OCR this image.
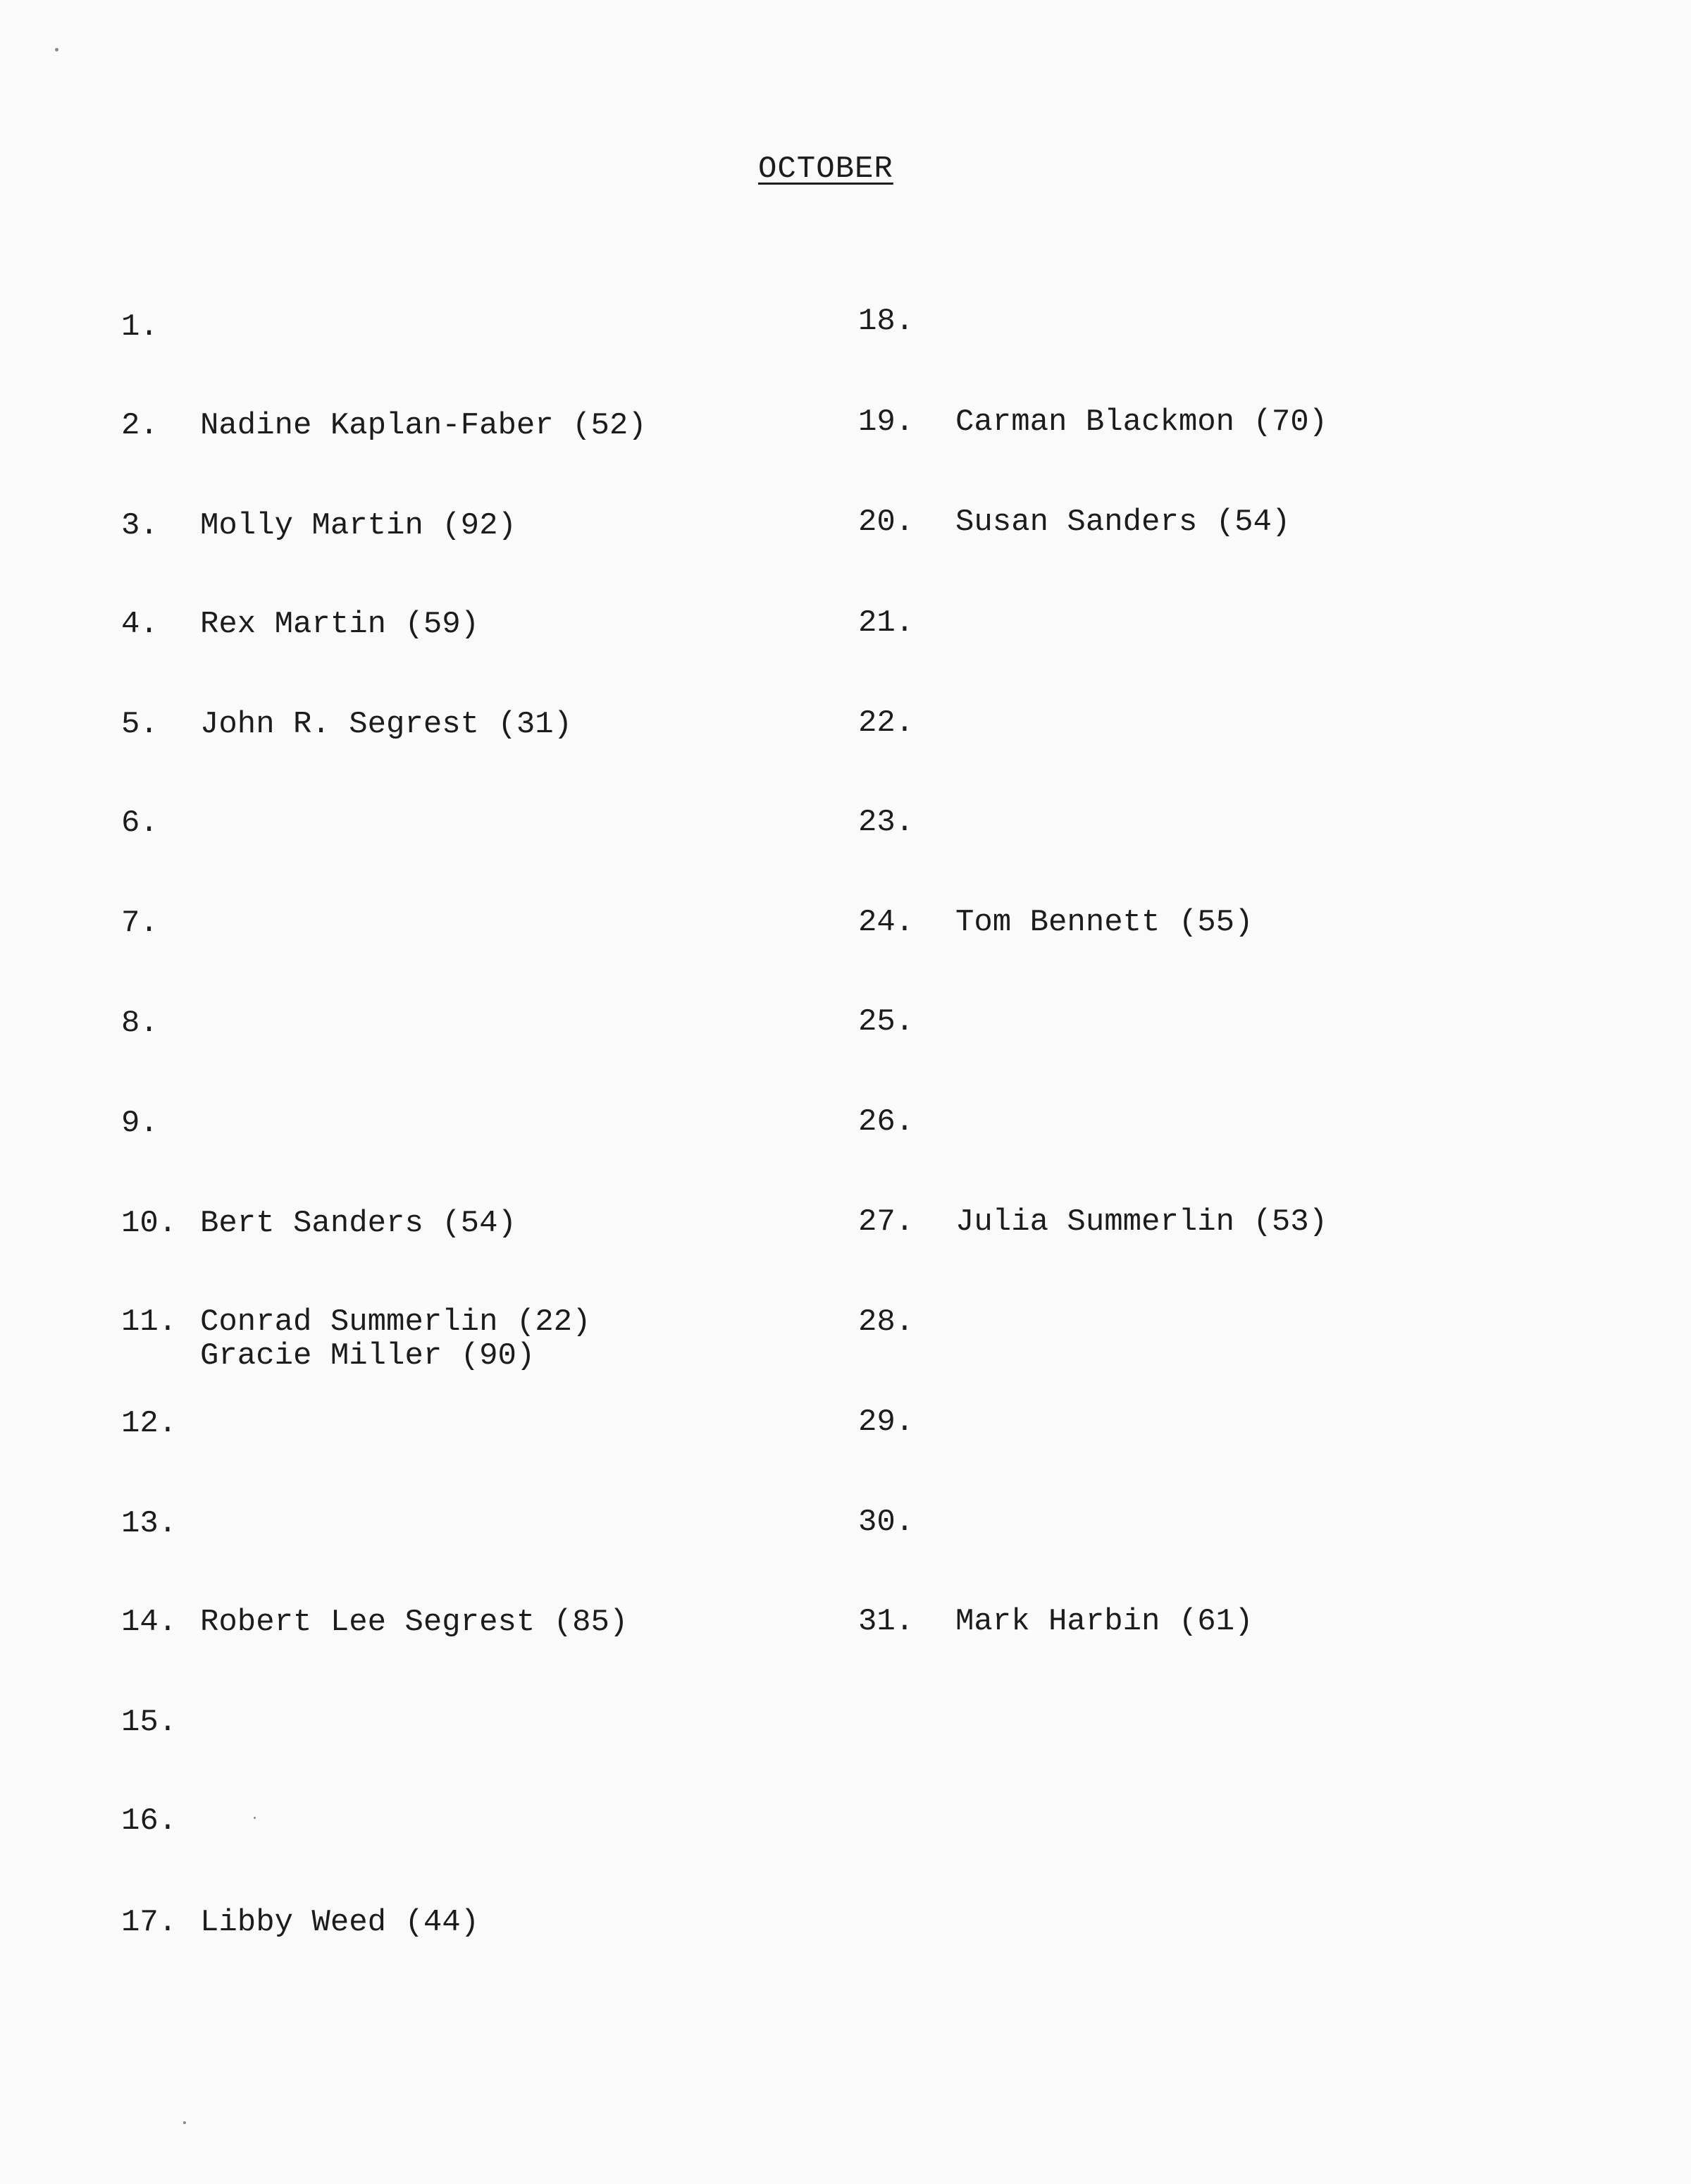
OCTOBER
1.
2. Nadine Kaplan-Faber (52)
3. Molly Martin (92)
4. Rex Martin (59)
5. John R. Segrest (31)
6.
7.
8.
9.
10. Bert Sanders (54)
11. Conrad Summerlin (22)
Gracie Miller (90)
12.
13.
14. Robert Lee Segrest (85)
15.
16.
17. Libby Weed (44)
18.
19. Carman Blackmon (70)
20. Susan Sanders (54)
21.
22.
23.
24. Tom Bennett (55)
25.
26.
27. Julia Summerlin (53)
28.
29.
30.
31. Mark Harbin (61)
